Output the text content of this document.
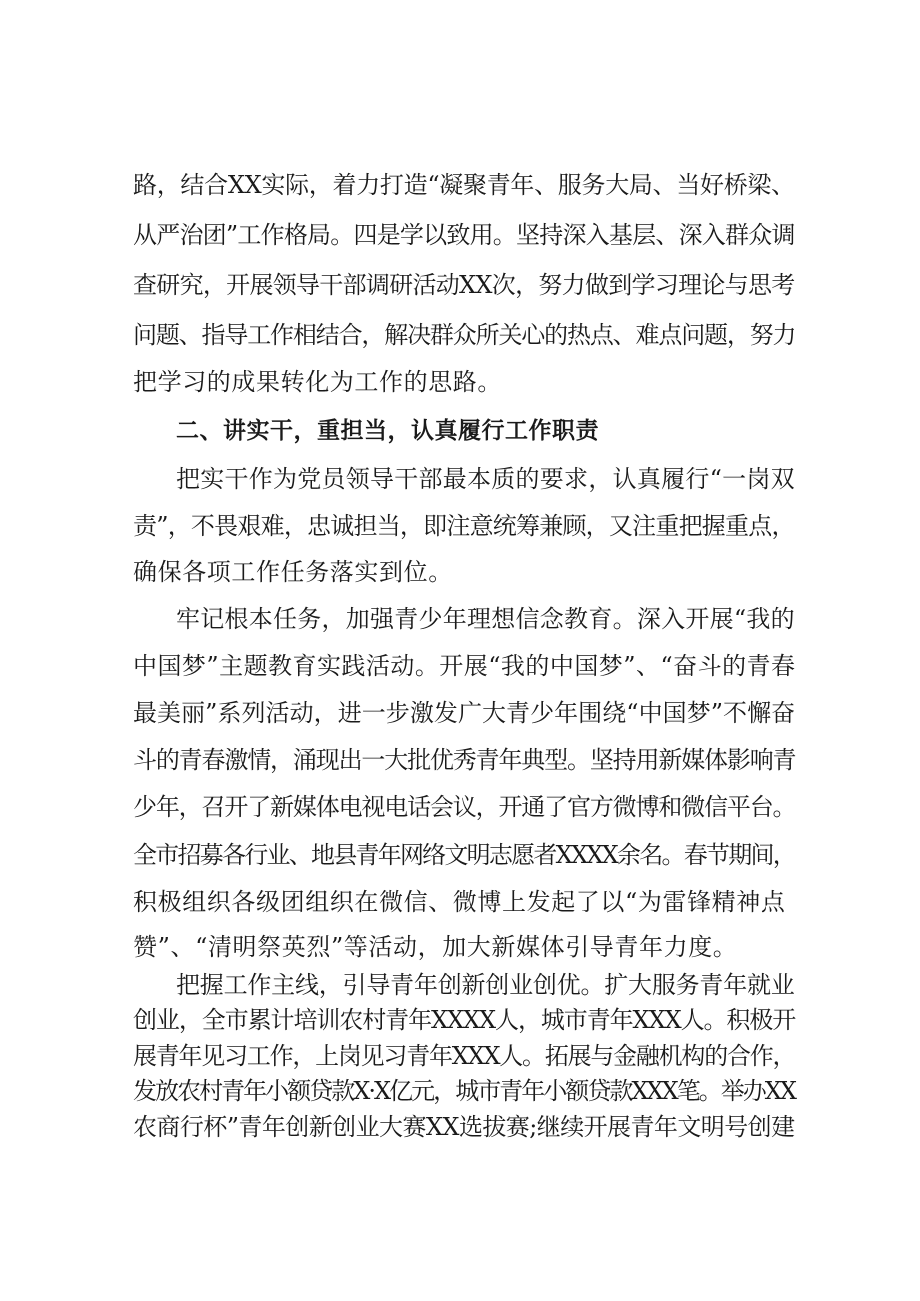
路，结合XX实际，着力打造“凝聚青年、服务大局、当好桥梁、
从严治团”工作格局。四是学以致用。坚持深入基层、深入群众调
查研究，开展领导干部调研活动XX次，努力做到学习理论与思考
问题、指导工作相结合，解决群众所关心的热点、难点问题，努力
把学习的成果转化为工作的思路。
二、讲实干，重担当，认真履行工作职责
把实干作为党员领导干部最本质的要求，认真履行“一岗双
责”，不畏艰难，忠诚担当，即注意统筹兼顾，又注重把握重点，
确保各项工作任务落实到位。
牢记根本任务，加强青少年理想信念教育。深入开展“我的
中国梦”主题教育实践活动。开展“我的中国梦”、“奋斗的青春
最美丽”系列活动，进一步激发广大青少年围绕“中国梦”不懈奋
斗的青春激情，涌现出一大批优秀青年典型。坚持用新媒体影响青
少年，召开了新媒体电视电话会议，开通了官方微博和微信平台。
全市招募各行业、地县青年网络文明志愿者XXXX余名。春节期间，
积极组织各级团组织在微信、微博上发起了以“为雷锋精神点
赞”、“清明祭英烈”等活动，加大新媒体引导青年力度。
把握工作主线，引导青年创新创业创优。扩大服务青年就业
创业，全市累计培训农村青年XXXX人，城市青年XXX人。积极开
展青年见习工作，上岗见习青年XXX人。拓展与金融机构的合作，
发放农村青年小额贷款X·X亿元，城市青年小额贷款XXX笔。举办XX
农商行杯”青年创新创业大赛XX选拔赛;继续开展青年文明号创建
